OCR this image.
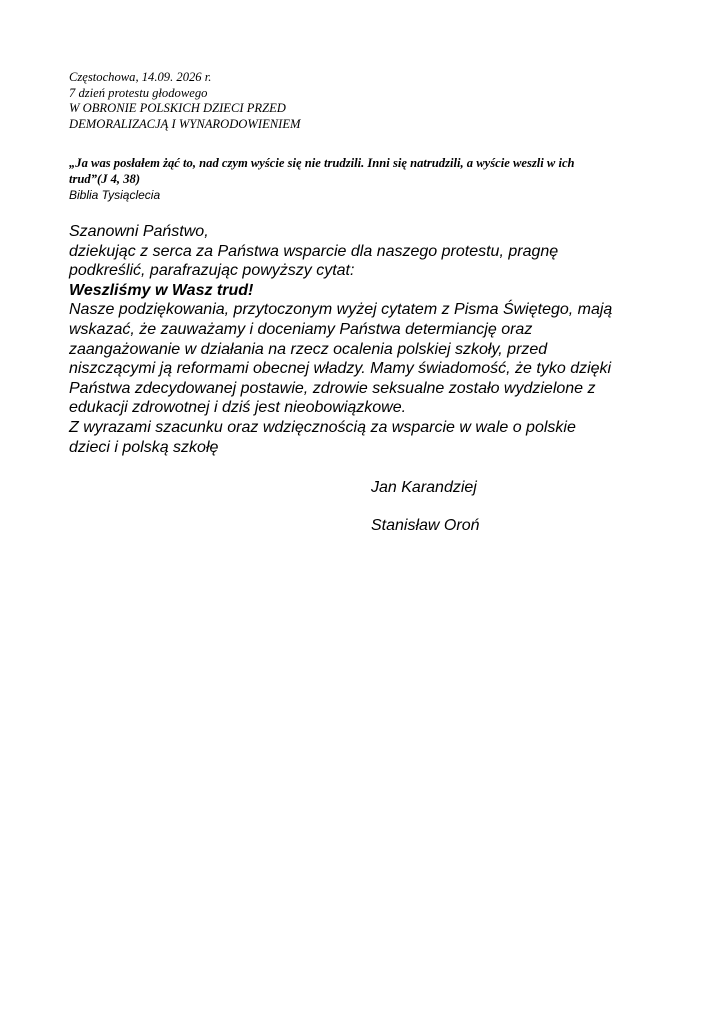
Częstochowa, 14.09. 2026 r.
7 dzień protestu głodowego
W OBRONIE POLSKICH DZIECI PRZED
DEMORALIZACJĄ I WYNARODOWIENIEM
„Ja was posłałem żąć to, nad czym wyście się nie trudzili. Inni się natrudzili, a wyście weszli w ich
trud”(J 4, 38)
Biblia Tysiąclecia
Szanowni Państwo,
dziekując z serca za Państwa wsparcie dla naszego protestu, pragnę
podkreślić, parafrazując powyższy cytat:
Weszliśmy w Wasz trud!
Nasze podziękowania, przytoczonym wyżej cytatem z Pisma Świętego, mają
wskazać, że zauważamy i doceniamy Państwa determiancję oraz
zaangażowanie w działania na rzecz ocalenia polskiej szkoły, przed
niszczącymi ją reformami obecnej władzy. Mamy świadomość, że tyko dzięki
Państwa zdecydowanej postawie, zdrowie seksualne zostało wydzielone z
edukacji zdrowotnej i dziś jest nieobowiązkowe.
Z wyrazami szacunku oraz wdzięcznością za wsparcie w wale o polskie
dzieci i polską szkołę
Jan Karandziej
Stanisław Oroń
